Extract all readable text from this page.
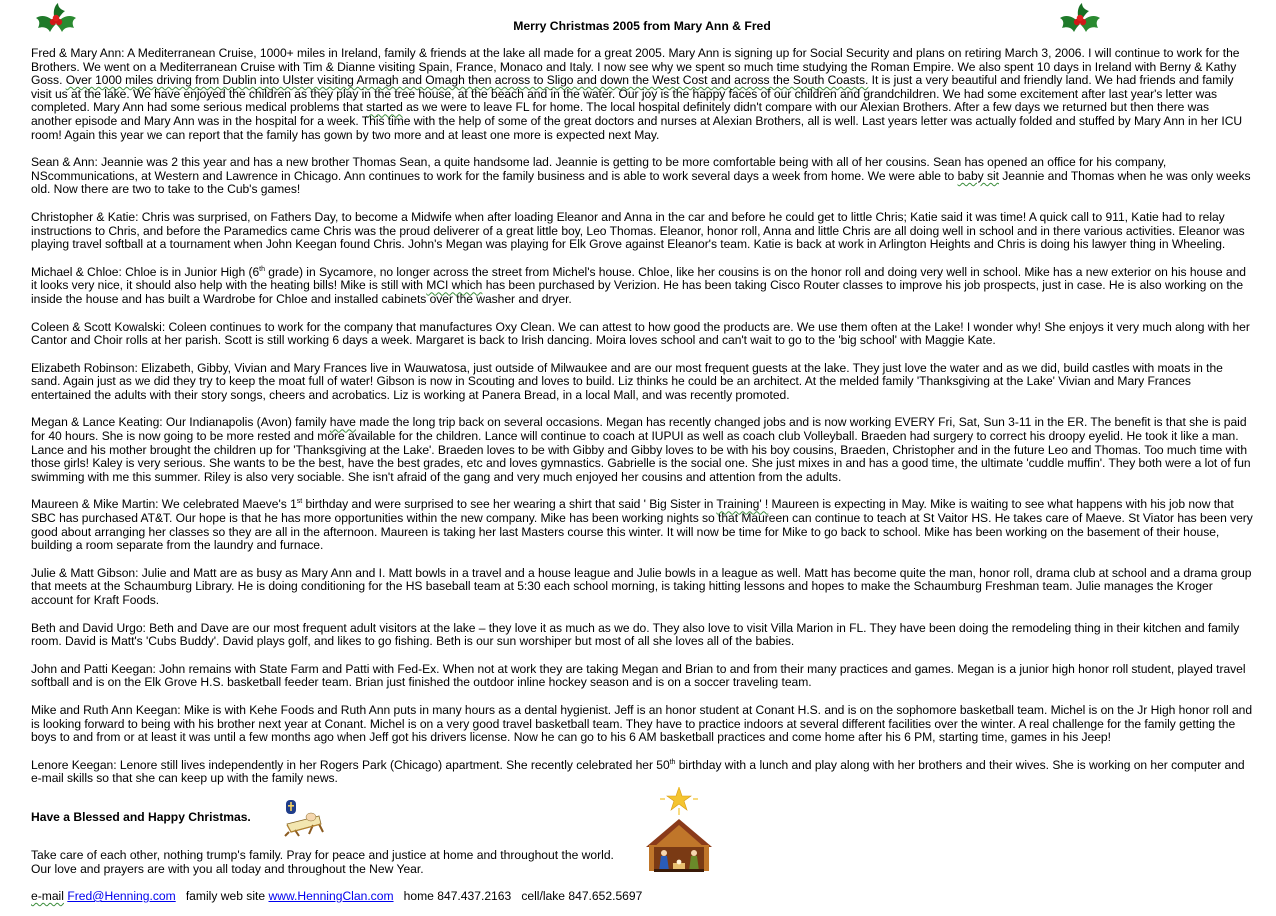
Merry Christmas 2005 from Mary Ann & Fred

Fred & Mary Ann: A Mediterranean Cruise, 1000+ miles in Ireland, family & friends at the lake all made for a great 2005. Mary Ann is signing up for Social Security and plans on retiring March 3, 2006. I will continue to work for the Brothers. We went on a Mediterranean Cruise with Tim & Dianne visiting Spain, France, Monaco and Italy. I now see why we spent so much time studying the Roman Empire. We also spent 10 days in Ireland with Berny & Kathy Goss. Over 1000 miles driving from Dublin into Ulster visiting Armagh and Omagh then across to Sligo and down the West Cost and across the South Coasts. It is just a very beautiful and friendly land. We had friends and family visit us at the lake. We have enjoyed the children as they play in the tree house, at the beach and in the water. Our joy is the happy faces of our children and grandchildren. We had some excitement after last year's letter was completed. Mary Ann had some serious medical problems that started as we were to leave FL for home. The local hospital definitely didn't compare with our Alexian Brothers. After a few days we returned but then there was another episode and Mary Ann was in the hospital for a week. This time with the help of some of the great doctors and nurses at Alexian Brothers, all is well. Last years letter was actually folded and stuffed by Mary Ann in her ICU room! Again this year we can report that the family has gown by two more and at least one more is expected next May.

Sean & Ann: Jeannie was 2 this year and has a new brother Thomas Sean, a quite handsome lad. Jeannie is getting to be more comfortable being with all of her cousins. Sean has opened an office for his company, NScommunications, at Western and Lawrence in Chicago. Ann continues to work for the family business and is able to work several days a week from home. We were able to baby sit Jeannie and Thomas when he was only weeks old. Now there are two to take to the Cub's games!

Christopher & Katie: Chris was surprised, on Fathers Day, to become a Midwife when after loading Eleanor and Anna in the car and before he could get to little Chris; Katie said it was time! A quick call to 911, Katie had to relay instructions to Chris, and before the Paramedics came Chris was the proud deliverer of a great little boy, Leo Thomas. Eleanor, honor roll, Anna and little Chris are all doing well in school and in there various activities. Eleanor was playing travel softball at a tournament when John Keegan found Chris. John's Megan was playing for Elk Grove against Eleanor's team. Katie is back at work in Arlington Heights and Chris is doing his lawyer thing in Wheeling.

Michael & Chloe: Chloe is in Junior High (6th grade) in Sycamore, no longer across the street from Michel's house. Chloe, like her cousins is on the honor roll and doing very well in school. Mike has a new exterior on his house and it looks very nice, it should also help with the heating bills! Mike is still with MCI which has been purchased by Verizion. He has been taking Cisco Router classes to improve his job prospects, just in case. He is also working on the inside the house and has built a Wardrobe for Chloe and installed cabinets over the washer and dryer.

Coleen & Scott Kowalski: Coleen continues to work for the company that manufactures Oxy Clean. We can attest to how good the products are. We use them often at the Lake! I wonder why! She enjoys it very much along with her Cantor and Choir rolls at her parish. Scott is still working 6 days a week. Margaret is back to Irish dancing. Moira loves school and can't wait to go to the 'big school' with Maggie Kate.

Elizabeth Robinson: Elizabeth, Gibby, Vivian and Mary Frances live in Wauwatosa, just outside of Milwaukee and are our most frequent guests at the lake. They just love the water and as we did, build castles with moats in the sand. Again just as we did they try to keep the moat full of water! Gibson is now in Scouting and loves to build. Liz thinks he could be an architect. At the melded family 'Thanksgiving at the Lake' Vivian and Mary Frances entertained the adults with their story songs, cheers and acrobatics. Liz is working at Panera Bread, in a local Mall, and was recently promoted.

Megan & Lance Keating: Our Indianapolis (Avon) family have made the long trip back on several occasions. Megan has recently changed jobs and is now working EVERY Fri, Sat, Sun 3-11 in the ER. The benefit is that she is paid for 40 hours. She is now going to be more rested and more available for the children. Lance will continue to coach at IUPUI as well as coach club Volleyball. Braeden had surgery to correct his droopy eyelid. He took it like a man. Lance and his mother brought the children up for 'Thanksgiving at the Lake'. Braeden loves to be with Gibby and Gibby loves to be with his boy cousins, Braeden, Christopher and in the future Leo and Thomas. Too much time with those girls! Kaley is very serious. She wants to be the best, have the best grades, etc and loves gymnastics. Gabrielle is the social one. She just mixes in and has a good time, the ultimate 'cuddle muffin'. They both were a lot of fun swimming with me this summer. Riley is also very sociable. She isn't afraid of the gang and very much enjoyed her cousins and attention from the adults.

Maureen & Mike Martin: We celebrated Maeve's 1st birthday and were surprised to see her wearing a shirt that said ' Big Sister in Training' ! Maureen is expecting in May. Mike is waiting to see what happens with his job now that SBC has purchased AT&T. Our hope is that he has more opportunities within the new company. Mike has been working nights so that Maureen can continue to teach at St Vaitor HS. He takes care of Maeve. St Viator has been very good about arranging her classes so they are all in the afternoon. Maureen is taking her last Masters course this winter. It will now be time for Mike to go back to school. Mike has been working on the basement of their house, building a room separate from the laundry and furnace.

Julie & Matt Gibson: Julie and Matt are as busy as Mary Ann and I. Matt bowls in a travel and a house league and Julie bowls in a league as well. Matt has become quite the man, honor roll, drama club at school and a drama group that meets at the Schaumburg Library. He is doing conditioning for the HS baseball team at 5:30 each school morning, is taking hitting lessons and hopes to make the Schaumburg Freshman team. Julie manages the Kroger account for Kraft Foods.

Beth and David Urgo: Beth and Dave are our most frequent adult visitors at the lake – they love it as much as we do. They also love to visit Villa Marion in FL. They have been doing the remodeling thing in their kitchen and family room. David is Matt's 'Cubs Buddy'. David plays golf, and likes to go fishing. Beth is our sun worshiper but most of all she loves all of the babies.

John and Patti Keegan: John remains with State Farm and Patti with Fed-Ex. When not at work they are taking Megan and Brian to and from their many practices and games. Megan is a junior high honor roll student, played travel softball and is on the Elk Grove H.S. basketball feeder team. Brian just finished the outdoor inline hockey season and is on a soccer traveling team.

Mike and Ruth Ann Keegan: Mike is with Kehe Foods and Ruth Ann puts in many hours as a dental hygienist. Jeff is an honor student at Conant H.S. and is on the sophomore basketball team. Michel is on the Jr High honor roll and is looking forward to being with his brother next year at Conant. Michel is on a very good travel basketball team. They have to practice indoors at several different facilities over the winter. A real challenge for the family getting the boys to and from or at least it was until a few months ago when Jeff got his drivers license. Now he can go to his 6 AM basketball practices and come home after his 6 PM, starting time, games in his Jeep!

Lenore Keegan: Lenore still lives independently in her Rogers Park (Chicago) apartment. She recently celebrated her 50th birthday with a lunch and play along with her brothers and their wives. She is working on her computer and e-mail skills so that she can keep up with the family news.

Have a Blessed and Happy Christmas.
Take care of each other, nothing trump's family. Pray for peace and justice at home and throughout the world.
Our love and prayers are with you all today and throughout the New Year.
e-mail Fred@Henning.com family web site www.HenningClan.com home 847.437.2163 cell/lake 847.652.5697
